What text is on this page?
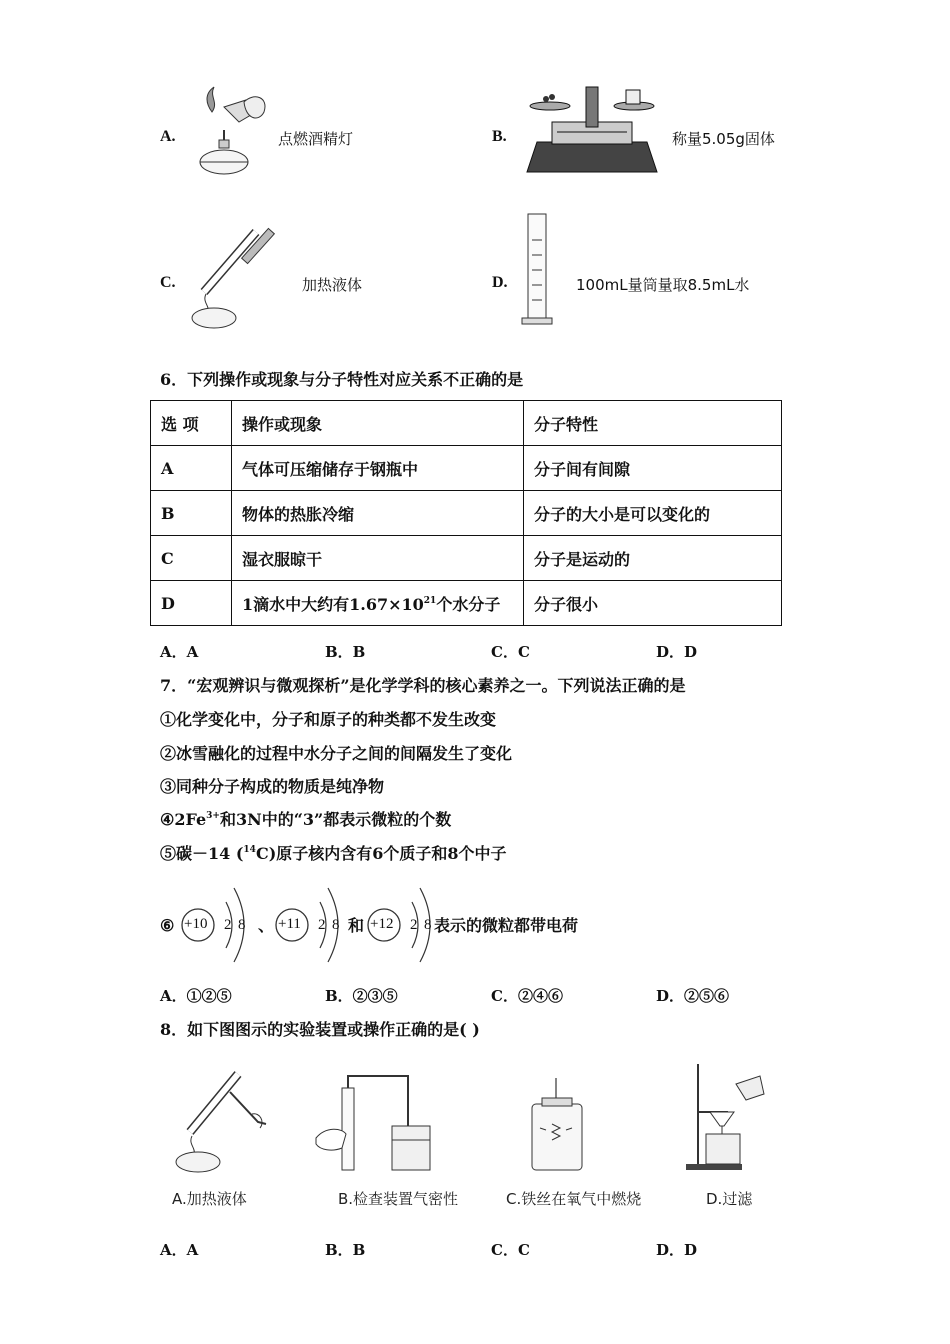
A.	点燃酒精灯	B.	称量5.05g固体
C.	加热液体	D.	100mL量筒量取8.5mL水
6．下列操作或现象与分子特性对应关系不正确的是
选 项	操作或现象	分子特性
A	气体可压缩储存于钢瓶中	分子间有间隙
B	物体的热胀冷缩	分子的大小是可以变化的
C	湿衣服晾干	分子是运动的
D	1滴水中大约有$1.67\times 10^{21}$个水分子	分子很小
A．A	B．B	C．C	D．D
7．“宏观辨识与微观探析”是化学学科的核心素养之一。下列说法正确的是
①化学变化中，分子和原子的种类都不发生改变
②冰雪融化的过程中水分子之间的间隔发生了变化
③同种分子构成的物质是纯净物
$④2Fe^{3+}$和3N中的“3”都表示微粒的个数
⑤碳－14 ($^{14}$C)原子核内含有6个质子和8个中子
⑥ +10 2 8 、 +11 2 8 和 +12 2 8 表示的微粒都带电荷
A．①②⑤	B．②③⑤	C．②④⑥	D．②⑤⑥
8．如下图图示的实验装置或操作正确的是( )
A.加热液体	B.检查装置气密性	C.铁丝在氧气中燃烧	D.过滤
A．A	B．B	C．C	D．D
